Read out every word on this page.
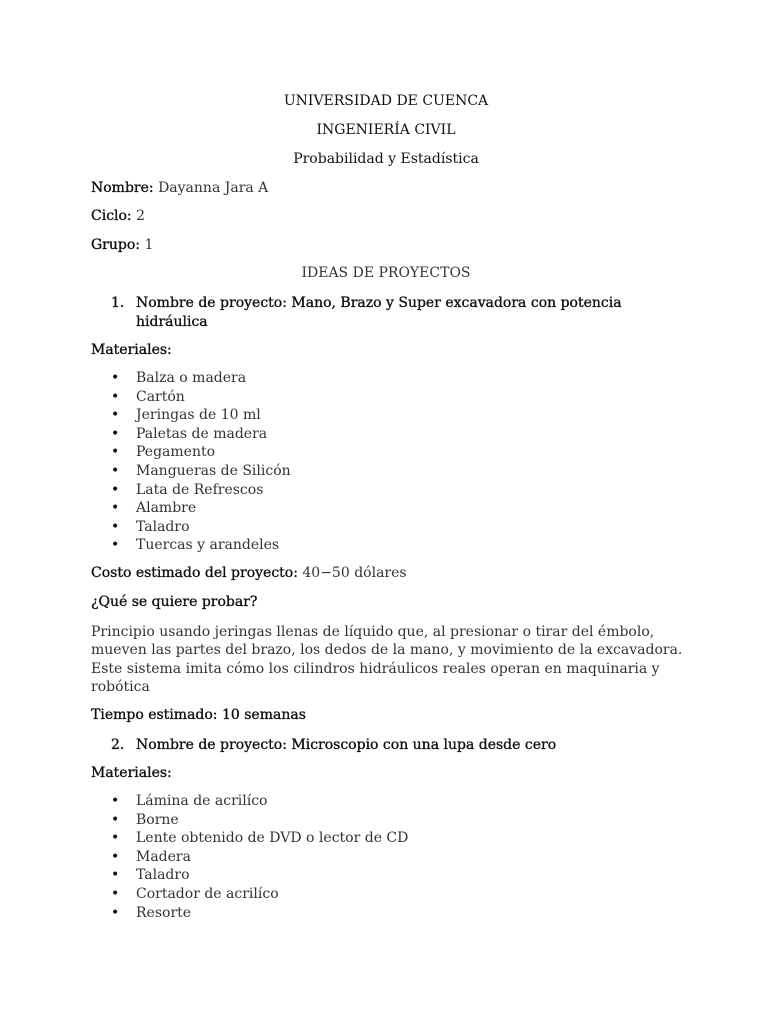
UNIVERSIDAD DE CUENCA
INGENIERÍA CIVIL
Probabilidad y Estadística
Nombre: Dayanna Jara A
Ciclo: 2
Grupo: 1
IDEAS DE PROYECTOS
1. Nombre de proyecto: Mano, Brazo y Super excavadora con potencia
hidráulica
Materiales:
• Balza o madera
• Cartón
• Jeringas de 10 ml
• Paletas de madera
• Pegamento
• Mangueras de Silicón
• Lata de Refrescos
• Alambre
• Taladro
• Tuercas y arandeles
Costo estimado del proyecto: 40−50 dólares
¿Qué se quiere probar?
Principio usando jeringas llenas de líquido que, al presionar o tirar del émbolo,
mueven las partes del brazo, los dedos de la mano, y movimiento de la excavadora.
Este sistema imita cómo los cilindros hidráulicos reales operan en maquinaria y
robótica
Tiempo estimado: 10 semanas
2. Nombre de proyecto: Microscopio con una lupa desde cero
Materiales:
• Lámina de acrilíco
• Borne
• Lente obtenido de DVD o lector de CD
• Madera
• Taladro
• Cortador de acrilíco
• Resorte
